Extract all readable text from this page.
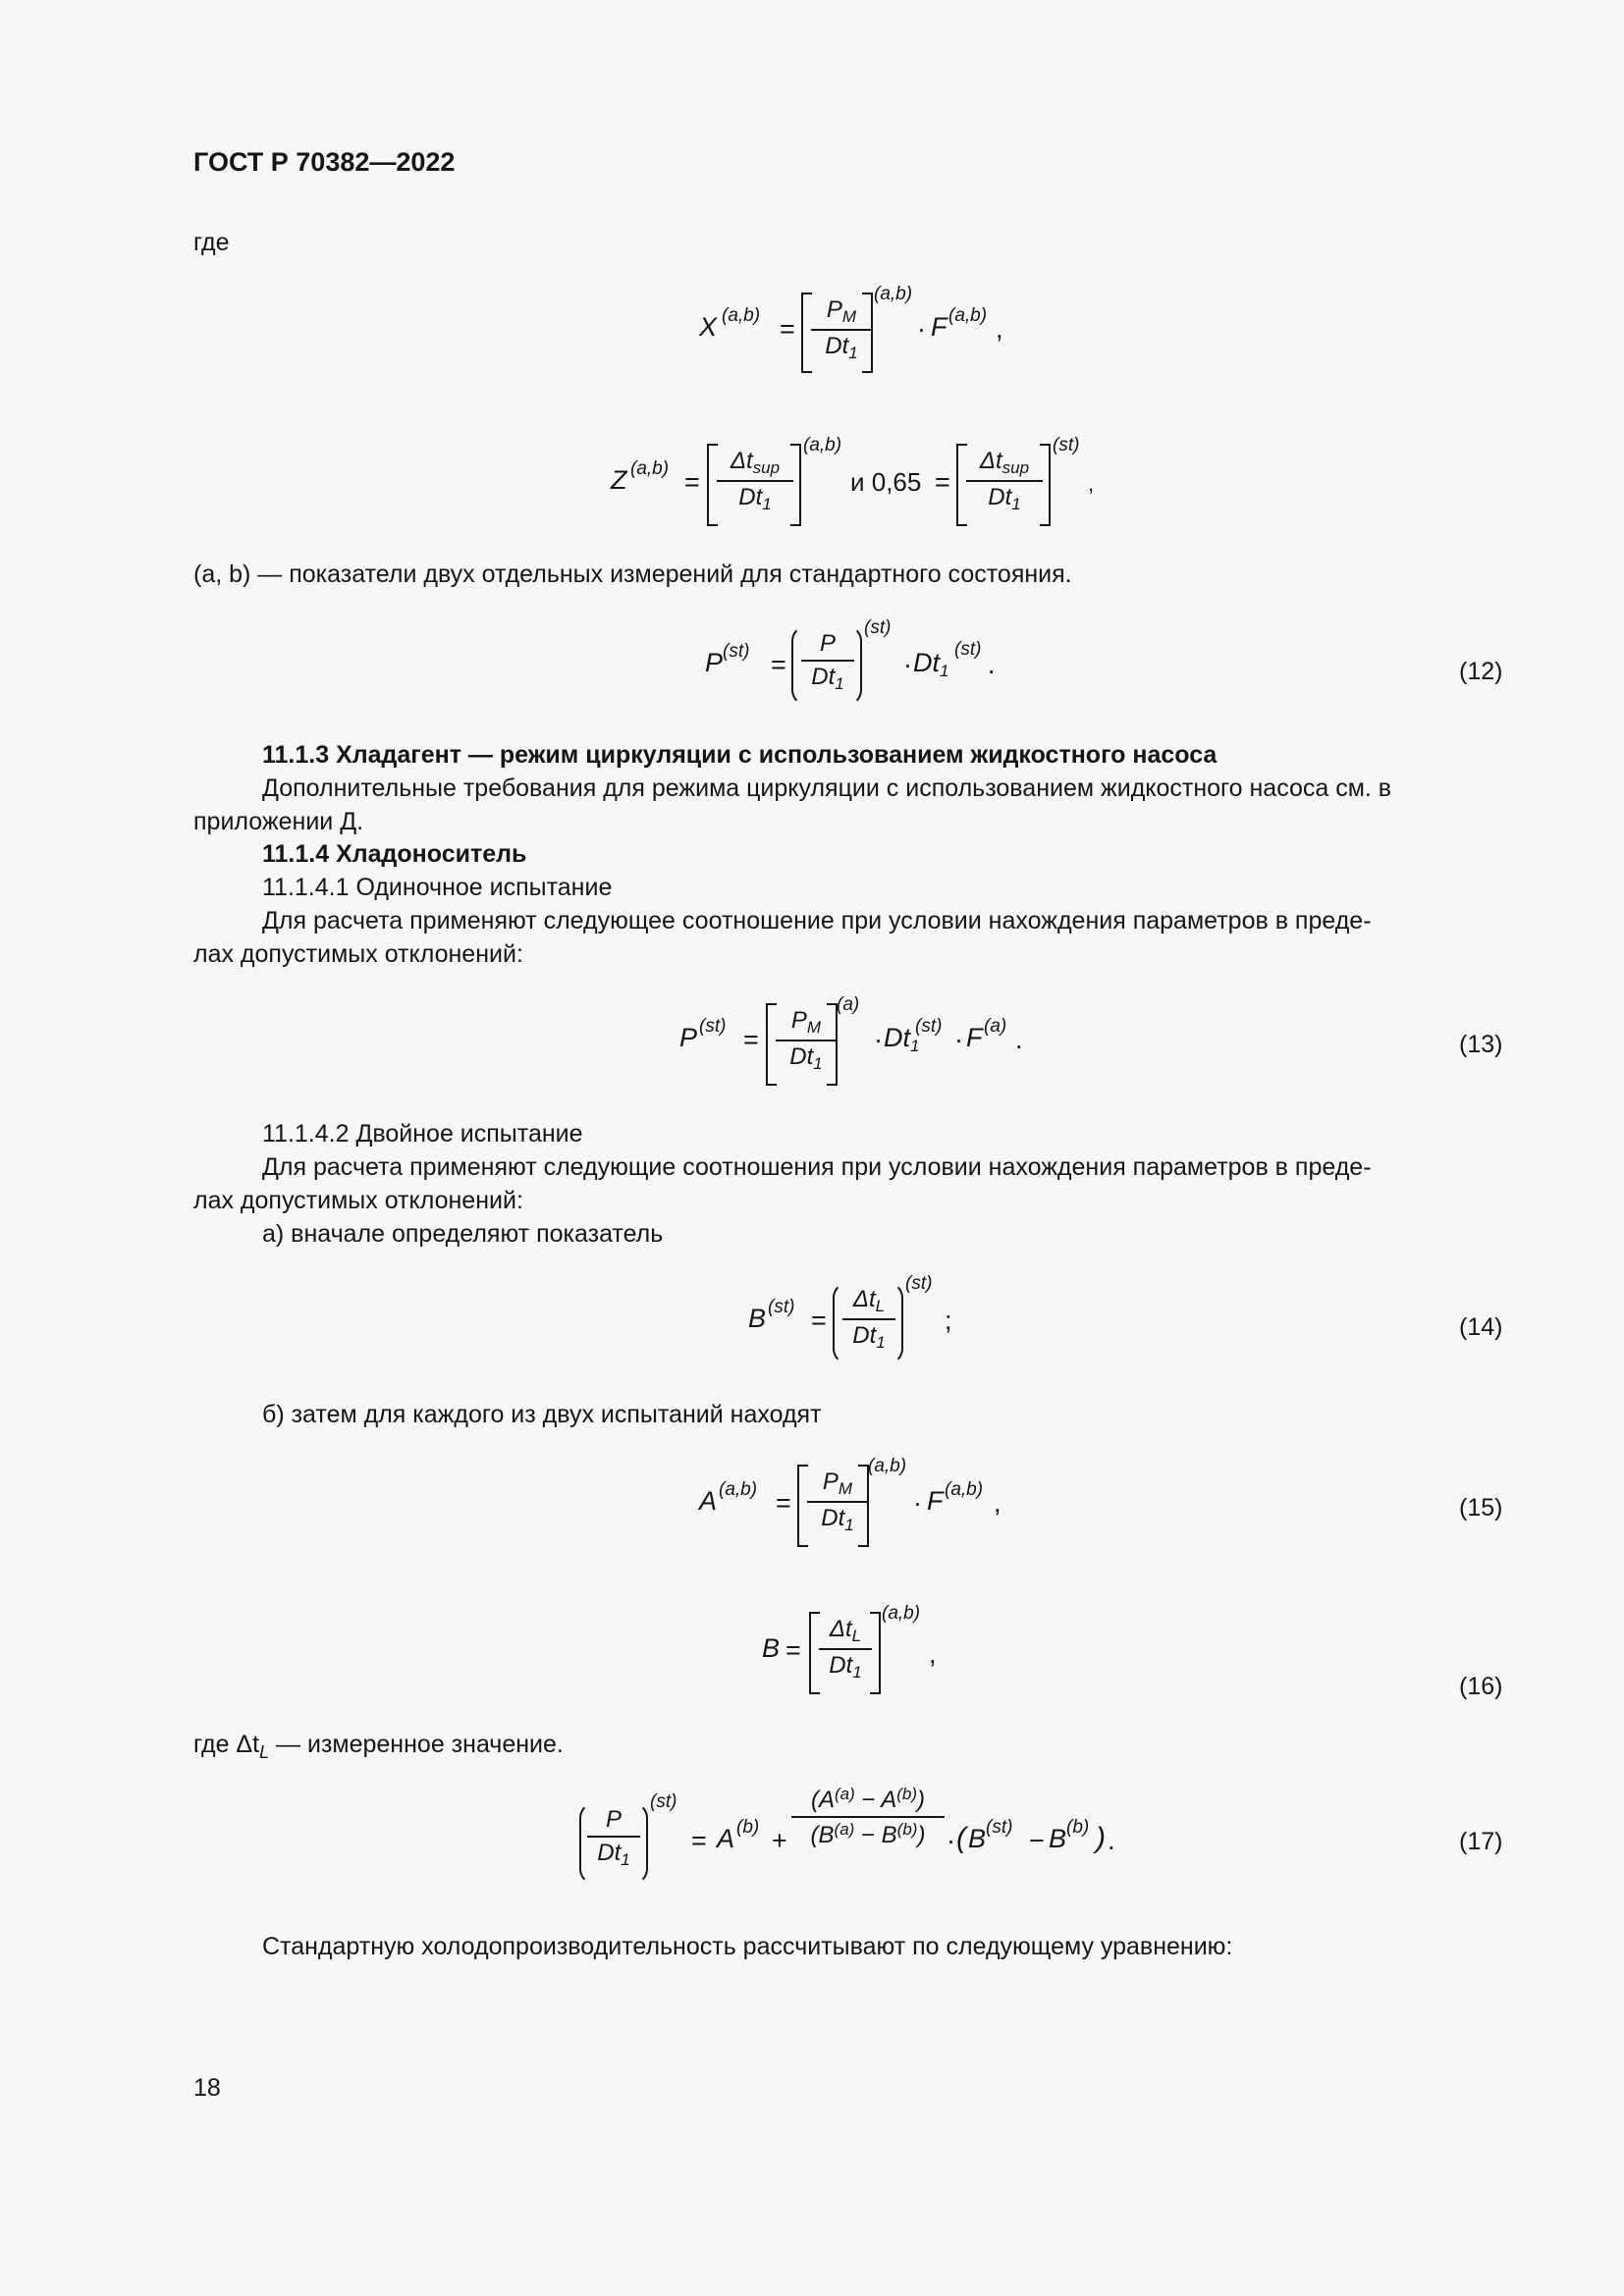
ГОСТ Р 70382—2022
где
X $(a,b) = \frac{P_M}{Dt_1}$
(a,b)
· F (a,b) ,
Z (a,b) =
$\Delta t_{sup}$
$Dt_1$
(a,b)
и 0,65 =
$\Delta t_{sup}$
$Dt_1$
(st)
,
(a, b) — показатели двух отдельных измерений для стандартного состояния.
P $(st) = \frac{P}{Dt_1}$
(st)
· $Dt_1$
(st)
.	(12)
11.1.3 Хладагент — режим циркуляции с использованием жидкостного насоса
Дополнительные требования для режима циркуляции с использованием жидкостного насоса см. в
приложении Д.
11.1.4 Хладоноситель
11.1.4.1 Одиночное испытание
Для расчета применяют следующее соотношение при условии нахождения параметров в преде-
лах допустимых отклонений:
P $(st) = \frac{P_M}{Dt_1}$
(a)
· $Dt_1$
(st) · F (a) .	(13)
11.1.4.2 Двойное испытание
Для расчета применяют следующие соотношения при условии нахождения параметров в преде-
лах допустимых отклонений:
а) вначале определяют показатель
B (st) =
$\Delta t_L$
$Dt_1$
(st)
;	(14)
б) затем для каждого из двух испытаний находят
A $(a,b) = \frac{P_M}{Dt_1}$
(a,b)
· F (a,b) ,	(15)
B =
$\Delta t_L$
$Dt_1$
(a,b)
,
(16)
где $\Delta t_L$ — измеренное значение.
$\frac{P}{Dt_1}$
(st)
= A $(b) + \frac{(A^{(a)} - A^{(b)})}{(B^{(a)} - B^{(b)})}$ · ( B (st) − B (b) ) .	(17)
Стандартную холодопроизводительность рассчитывают по следующему уравнению:
18
